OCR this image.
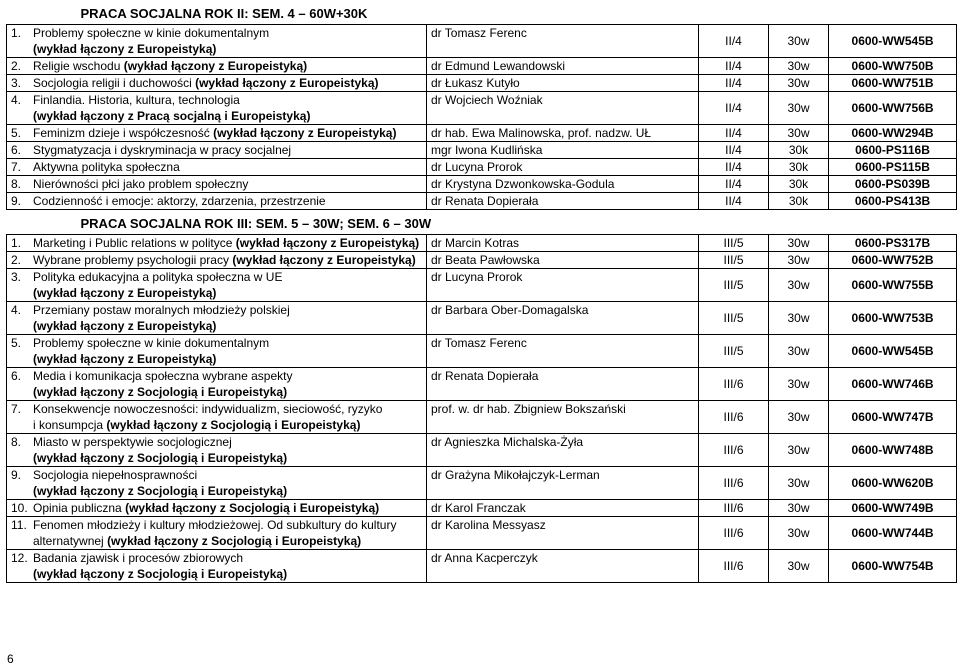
PRACA SOCJALNA ROK II: SEM. 4 – 60W+30K				
1. Problemy społeczne w kinie dokumentalnym
(wykład łączony z Europeistyką)	dr Tomasz Ferenc	II/4	30w	0600-WW545B
2. Religie wschodu (wykład łączony z Europeistyką)	dr Edmund Lewandowski	II/4	30w	0600-WW750B
3. Socjologia religii i duchowości (wykład łączony z Europeistyką)	dr Łukasz Kutyło	II/4	30w	0600-WW751B
4. Finlandia. Historia, kultura, technologia
(wykład łączony z Pracą socjalną i Europeistyką)	dr Wojciech Woźniak	II/4	30w	0600-WW756B
5. Feminizm dzieje i współczesność (wykład łączony z Europeistyką)	dr hab. Ewa Malinowska, prof. nadzw. UŁ	II/4	30w	0600-WW294B
6. Stygmatyzacja i dyskryminacja w pracy socjalnej	mgr Iwona Kudlińska	II/4	30k	0600-PS116B
7. Aktywna polityka społeczna	dr Lucyna Prorok	II/4	30k	0600-PS115B
8. Nierówności płci jako problem społeczny	dr Krystyna Dzwonkowska-Godula	II/4	30k	0600-PS039B
9. Codzienność i emocje: aktorzy, zdarzenia, przestrzenie	dr Renata Dopierała	II/4	30k	0600-PS413B
PRACA SOCJALNA ROK III: SEM. 5 – 30W; SEM. 6 – 30W				
1. Marketing i Public relations w polityce (wykład łączony z Europeistyką)	dr Marcin Kotras	III/5	30w	0600-PS317B
2. Wybrane problemy psychologii pracy (wykład łączony z Europeistyką)	dr Beata Pawłowska	III/5	30w	0600-WW752B
3. Polityka edukacyjna a polityka społeczna w UE
(wykład łączony z Europeistyką)	dr Lucyna Prorok	III/5	30w	0600-WW755B
4. Przemiany postaw moralnych młodzieży polskiej
(wykład łączony z Europeistyką)	dr Barbara Ober-Domagalska	III/5	30w	0600-WW753B
5. Problemy społeczne w kinie dokumentalnym
(wykład łączony z Europeistyką)	dr Tomasz Ferenc	III/5	30w	0600-WW545B
6. Media i komunikacja społeczna wybrane aspekty
(wykład łączony z Socjologią i Europeistyką)	dr Renata Dopierała	III/6	30w	0600-WW746B
7. Konsekwencje nowoczesności: indywidualizm, sieciowość, ryzyko
i konsumpcja (wykład łączony z Socjologią i Europeistyką)	prof. w. dr hab. Zbigniew Bokszański	III/6	30w	0600-WW747B
8. Miasto w perspektywie socjologicznej
(wykład łączony z Socjologią i Europeistyką)	dr Agnieszka Michalska-Żyła	III/6	30w	0600-WW748B
9. Socjologia niepełnosprawności
(wykład łączony z Socjologią i Europeistyką)	dr Grażyna Mikołajczyk-Lerman	III/6	30w	0600-WW620B
10. Opinia publiczna (wykład łączony z Socjologią i Europeistyką)	dr Karol Franczak	III/6	30w	0600-WW749B
11. Fenomen młodzieży i kultury młodzieżowej. Od subkultury do kultury
alternatywnej (wykład łączony z Socjologią i Europeistyką)	dr Karolina Messyasz	III/6	30w	0600-WW744B
12. Badania zjawisk i procesów zbiorowych
(wykład łączony z Socjologią i Europeistyką)	dr Anna Kacperczyk	III/6	30w	0600-WW754B
6
